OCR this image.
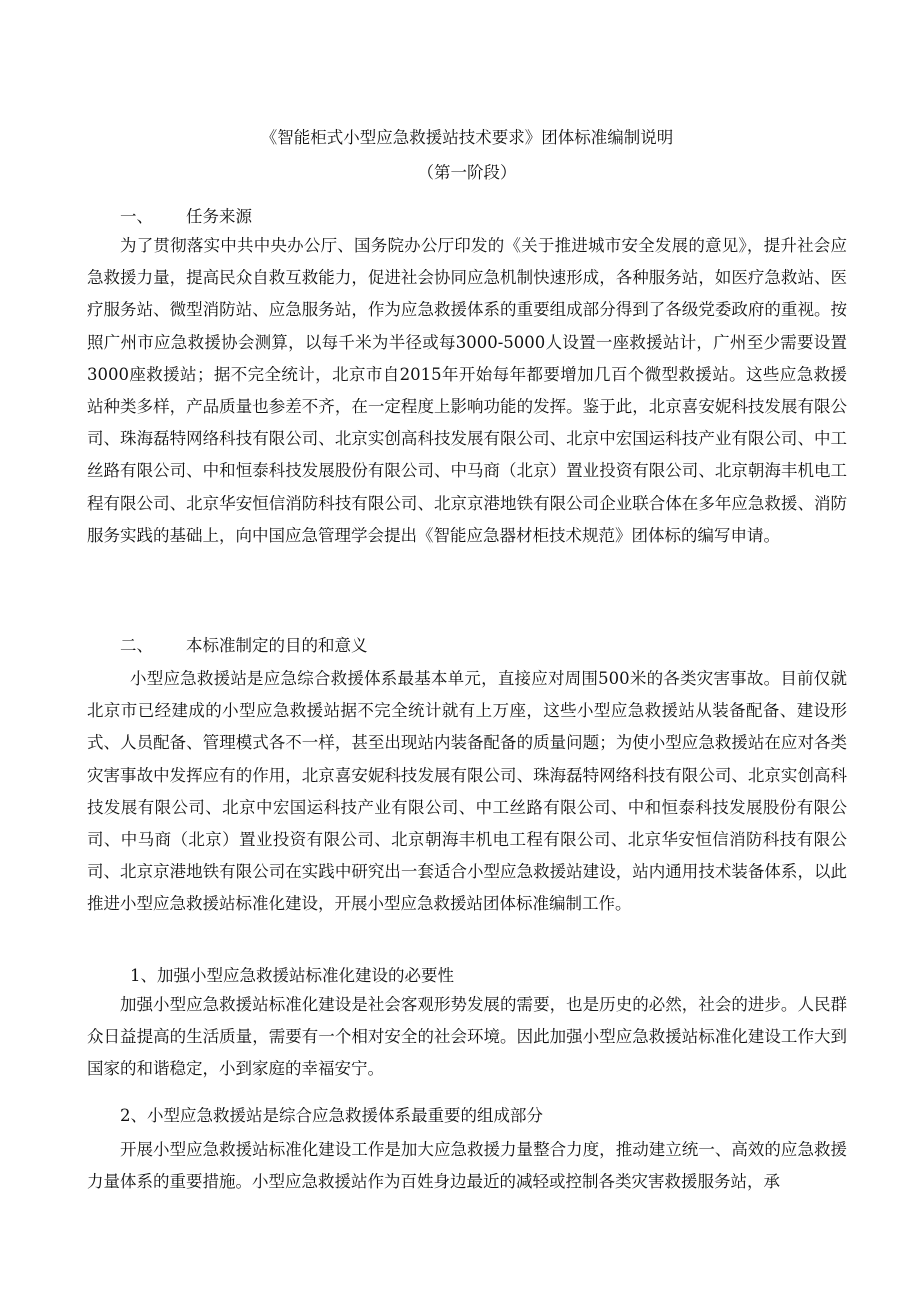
《智能柜式小型应急救援站技术要求》团体标准编制说明
（第一阶段）
一、 任务来源

为了贯彻落实中共中央办公厅、国务院办公厅印发的《关于推进城市安全发展的意见》，提升社会应急救援力量，提高民众自救互救能力，促进社会协同应急机制快速形成，各种服务站，如医疗急救站、医疗服务站、微型消防站、应急服务站，作为应急救援体系的重要组成部分得到了各级党委政府的重视。按照广州市应急救援协会测算，以每千米为半径或每3000-5000人设置一座救援站计，广州至少需要设置3000座救援站；据不完全统计，北京市自2015年开始每年都要增加几百个微型救援站。这些应急救援站种类多样，产品质量也参差不齐，在一定程度上影响功能的发挥。鉴于此，北京喜安妮科技发展有限公司、珠海磊特网络科技有限公司、北京实创高科技发展有限公司、北京中宏国运科技产业有限公司、中工丝路有限公司、中和恒泰科技发展股份有限公司、中马商（北京）置业投资有限公司、北京朝海丰机电工程有限公司、北京华安恒信消防科技有限公司、北京京港地铁有限公司企业联合体在多年应急救援、消防服务实践的基础上，向中国应急管理学会提出《智能应急器材柜技术规范》团体标的编写申请。

二、 本标准制定的目的和意义

小型应急救援站是应急综合救援体系最基本单元，直接应对周围500米的各类灾害事故。目前仅就北京市已经建成的小型应急救援站据不完全统计就有上万座，这些小型应急救援站从装备配备、建设形式、人员配备、管理模式各不一样，甚至出现站内装备配备的质量问题；为使小型应急救援站在应对各类灾害事故中发挥应有的作用，北京喜安妮科技发展有限公司、珠海磊特网络科技有限公司、北京实创高科技发展有限公司、北京中宏国运科技产业有限公司、中工丝路有限公司、中和恒泰科技发展股份有限公司、中马商（北京）置业投资有限公司、北京朝海丰机电工程有限公司、北京华安恒信消防科技有限公司、北京京港地铁有限公司在实践中研究出一套适合小型应急救援站建设，站内通用技术装备体系，以此推进小型应急救援站标准化建设，开展小型应急救援站团体标准编制工作。

1、加强小型应急救援站标准化建设的必要性

加强小型应急救援站标准化建设是社会客观形势发展的需要，也是历史的必然，社会的进步。人民群众日益提高的生活质量，需要有一个相对安全的社会环境。因此加强小型应急救援站标准化建设工作大到国家的和谐稳定，小到家庭的幸福安宁。

2、小型应急救援站是综合应急救援体系最重要的组成部分

开展小型应急救援站标准化建设工作是加大应急救援力量整合力度，推动建立统一、高效的应急救援力量体系的重要措施。小型应急救援站作为百姓身边最近的减轻或控制各类灾害救援服务站，承
